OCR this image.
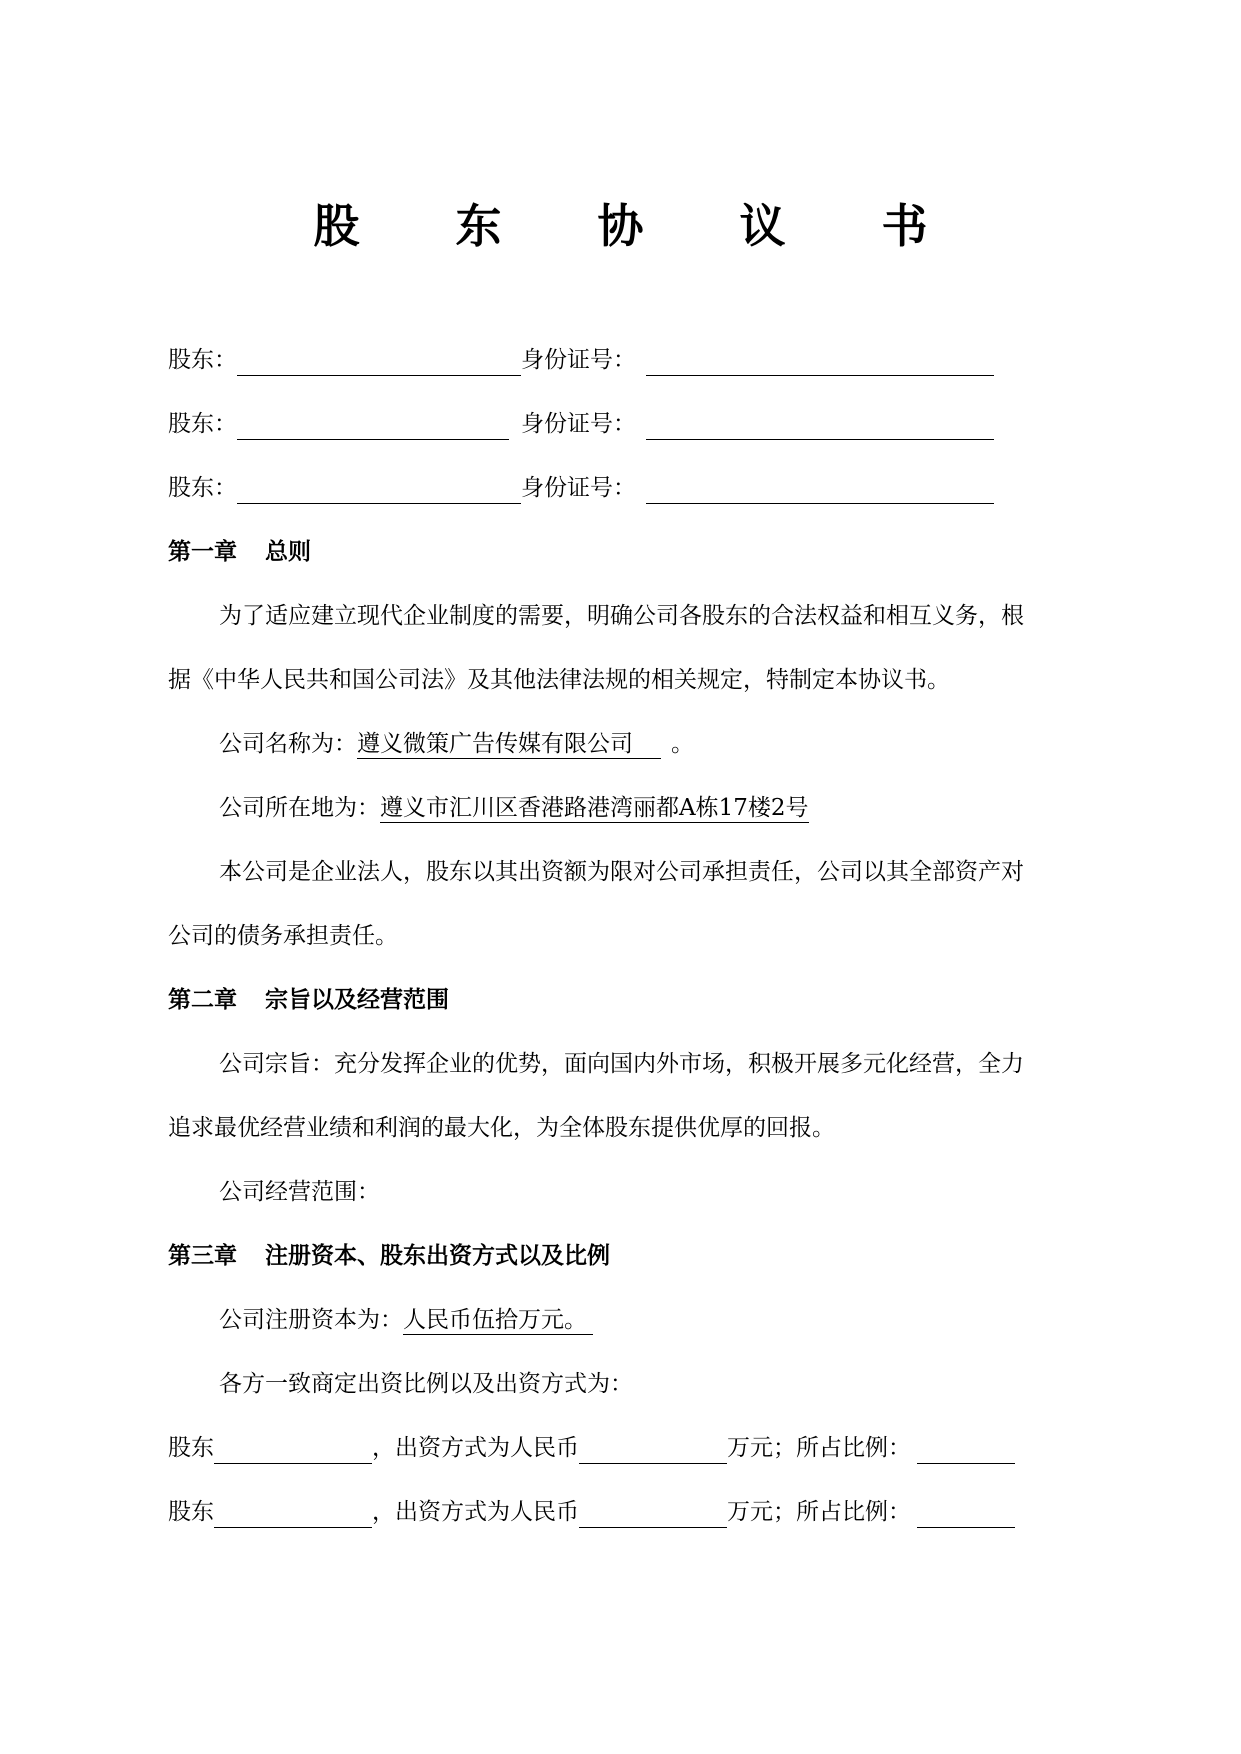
股 东 协 议 书
股东：	身份证号：
股东：	身份证号：
股东：	身份证号：
第一章 总则
为了适应建立现代企业制度的需要，明确公司各股东的合法权益和相互义务，根
据《中华人民共和国公司法》及其他法律法规的相关规定，特制定本协议书。
公司名称为：遵义微策广告传媒有限公司 。
公司所在地为：遵义市汇川区香港路港湾丽都A栋17楼2号
本公司是企业法人，股东以其出资额为限对公司承担责任，公司以其全部资产对
公司的债务承担责任。
第二章 宗旨以及经营范围
公司宗旨：充分发挥企业的优势，面向国内外市场，积极开展多元化经营，全力
追求最优经营业绩和利润的最大化，为全体股东提供优厚的回报。
公司经营范围：
第三章 注册资本、股东出资方式以及比例
公司注册资本为：人民币伍拾万元。
各方一致商定出资比例以及出资方式为：
股东	，出资方式为人民币	万元；所占比例：
股东	，出资方式为人民币	万元；所占比例：
